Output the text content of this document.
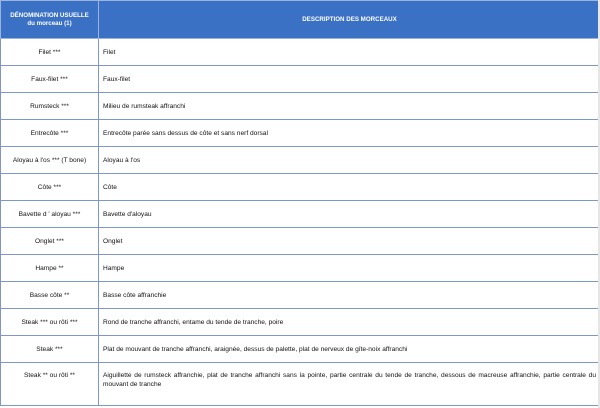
DÉNOMINATION USUELLE
du morceau (1)	DESCRIPTION DES MORCEAUX
Filet ***	Filet
Faux-filet ***	Faux-filet
Rumsteck ***	Milieu de rumsteak affranchi
Entrecôte ***	Entrecôte parée sans dessus de côte et sans nerf dorsal
Aloyau à l'os *** (T bone)	Aloyau à l'os
Côte ***	Côte
Bavette d ' aloyau ***	Bavette d'aloyau
Onglet ***	Onglet
Hampe **	Hampe
Basse côte **	Basse côte affranchie
Steak *** ou rôti ***	Rond de tranche affranchi, entame du tende de tranche, poire
Steak ***	Plat de mouvant de tranche affranchi, araignée, dessus de palette, plat de nerveux de gîte-noix affranchi
Steak ** ou rôti **	Aiguillette de rumsteck affranchie, plat de tranche affranchi sans la pointe, partie centrale du tende de tranche, dessous de macreuse affranchie, partie centrale du mouvant de tranche
